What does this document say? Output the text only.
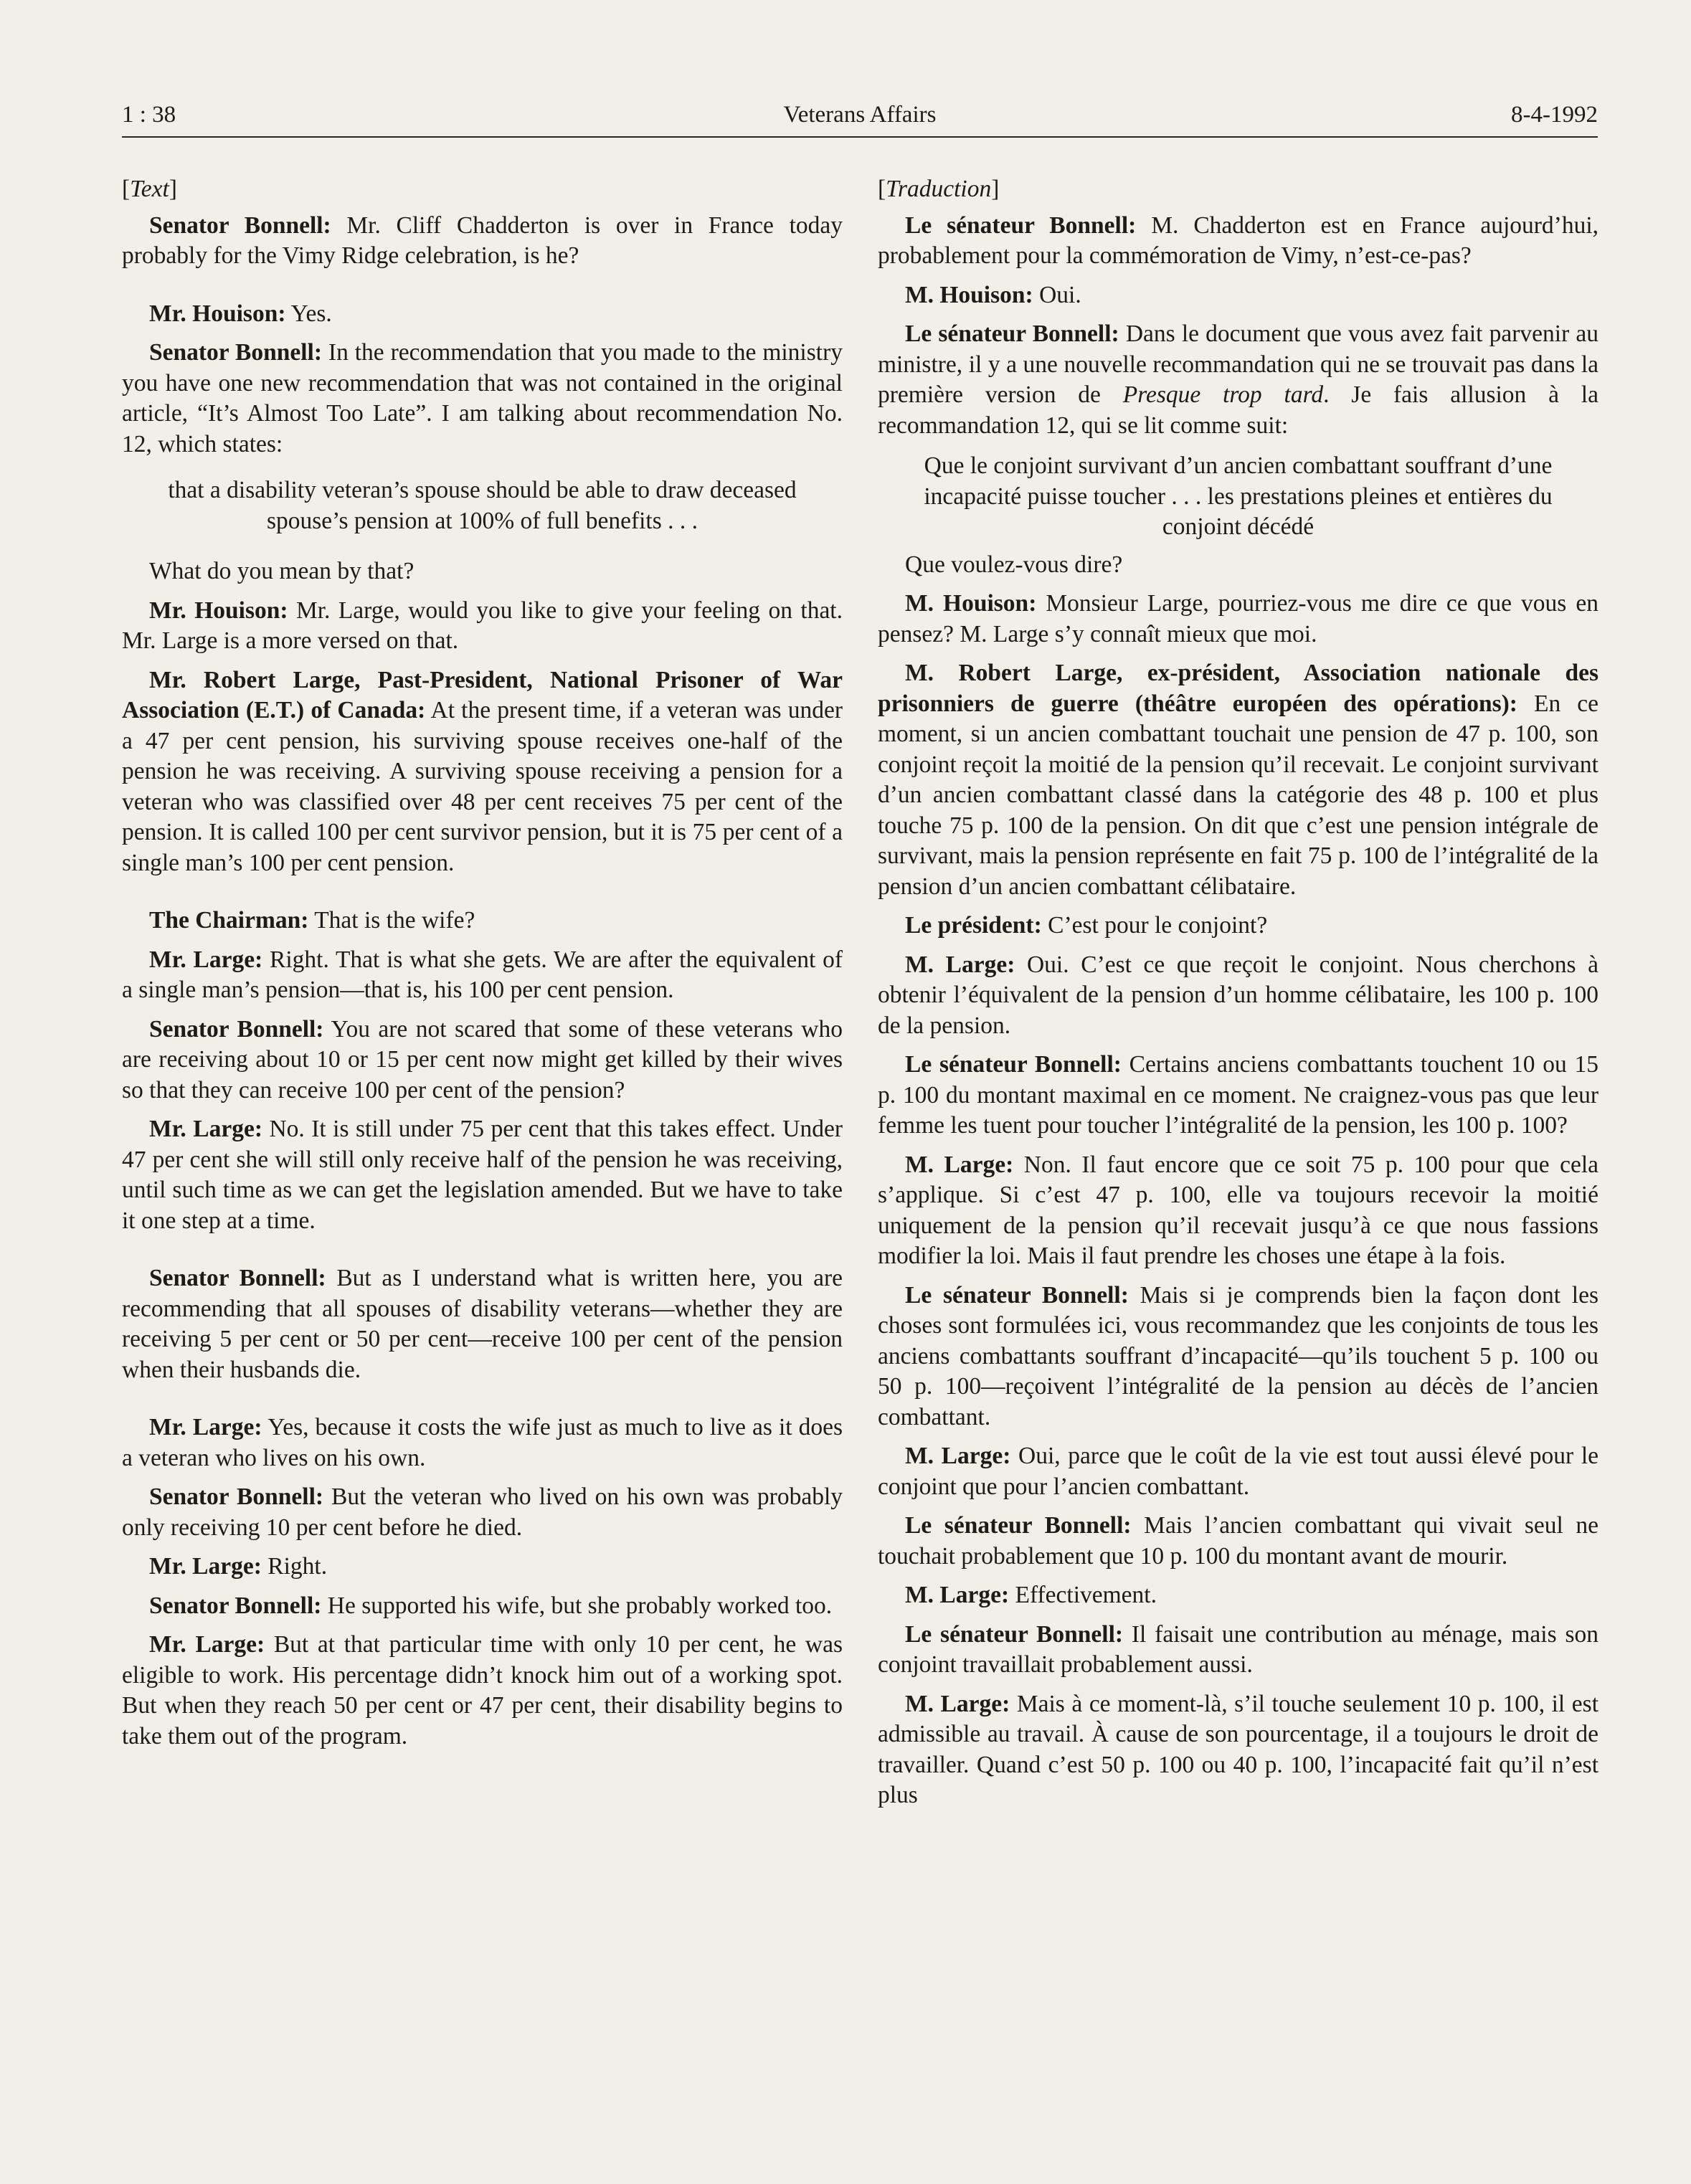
1 : 38	Veterans Affairs	8-4-1992

[Text]

Senator Bonnell: Mr. Cliff Chadderton is over in France today probably for the Vimy Ridge celebration, is he?

Mr. Houison: Yes.

Senator Bonnell: In the recommendation that you made to the ministry you have one new recommendation that was not contained in the original article, “It’s Almost Too Late”. I am talking about recommendation No. 12, which states:

that a disability veteran’s spouse should be able to draw deceased spouse’s pension at 100% of full benefits . . .

What do you mean by that?

Mr. Houison: Mr. Large, would you like to give your feeling on that. Mr. Large is a more versed on that.

Mr. Robert Large, Past-President, National Prisoner of War Association (E.T.) of Canada: At the present time, if a veteran was under a 47 per cent pension, his surviving spouse receives one-half of the pension he was receiving. A surviving spouse receiving a pension for a veteran who was classified over 48 per cent receives 75 per cent of the pension. It is called 100 per cent survivor pension, but it is 75 per cent of a single man’s 100 per cent pension.

The Chairman: That is the wife?

Mr. Large: Right. That is what she gets. We are after the equivalent of a single man’s pension—that is, his 100 per cent pension.

Senator Bonnell: You are not scared that some of these veterans who are receiving about 10 or 15 per cent now might get killed by their wives so that they can receive 100 per cent of the pension?

Mr. Large: No. It is still under 75 per cent that this takes effect. Under 47 per cent she will still only receive half of the pension he was receiving, until such time as we can get the legislation amended. But we have to take it one step at a time.

Senator Bonnell: But as I understand what is written here, you are recommending that all spouses of disability veterans—whether they are receiving 5 per cent or 50 per cent—receive 100 per cent of the pension when their husbands die.

Mr. Large: Yes, because it costs the wife just as much to live as it does a veteran who lives on his own.

Senator Bonnell: But the veteran who lived on his own was probably only receiving 10 per cent before he died.

Mr. Large: Right.

Senator Bonnell: He supported his wife, but she probably worked too.

Mr. Large: But at that particular time with only 10 per cent, he was eligible to work. His percentage didn’t knock him out of a working spot. But when they reach 50 per cent or 47 per cent, their disability begins to take them out of the program.

[Traduction]

Le sénateur Bonnell: M. Chadderton est en France aujourd’hui, probablement pour la commémoration de Vimy, n’est-ce-pas?

M. Houison: Oui.

Le sénateur Bonnell: Dans le document que vous avez fait parvenir au ministre, il y a une nouvelle recommandation qui ne se trouvait pas dans la première version de Presque trop tard. Je fais allusion à la recommandation 12, qui se lit comme suit:

Que le conjoint survivant d’un ancien combattant souffrant d’une incapacité puisse toucher . . . les prestations pleines et entières du conjoint décédé

Que voulez-vous dire?

M. Houison: Monsieur Large, pourriez-vous me dire ce que vous en pensez? M. Large s’y connaît mieux que moi.

M. Robert Large, ex-président, Association nationale des prisonniers de guerre (théâtre européen des opérations): En ce moment, si un ancien combattant touchait une pension de 47 p. 100, son conjoint reçoit la moitié de la pension qu’il recevait. Le conjoint survivant d’un ancien combattant classé dans la catégorie des 48 p. 100 et plus touche 75 p. 100 de la pension. On dit que c’est une pension intégrale de survivant, mais la pension représente en fait 75 p. 100 de l’intégralité de la pension d’un ancien combattant célibataire.

Le président: C’est pour le conjoint?

M. Large: Oui. C’est ce que reçoit le conjoint. Nous cherchons à obtenir l’équivalent de la pension d’un homme célibataire, les 100 p. 100 de la pension.

Le sénateur Bonnell: Certains anciens combattants touchent 10 ou 15 p. 100 du montant maximal en ce moment. Ne craignez-vous pas que leur femme les tuent pour toucher l’intégralité de la pension, les 100 p. 100?

M. Large: Non. Il faut encore que ce soit 75 p. 100 pour que cela s’applique. Si c’est 47 p. 100, elle va toujours recevoir la moitié uniquement de la pension qu’il recevait jusqu’à ce que nous fassions modifier la loi. Mais il faut prendre les choses une étape à la fois.

Le sénateur Bonnell: Mais si je comprends bien la façon dont les choses sont formulées ici, vous recommandez que les conjoints de tous les anciens combattants souffrant d’incapacité—qu’ils touchent 5 p. 100 ou 50 p. 100—reçoivent l’intégralité de la pension au décès de l’ancien combattant.

M. Large: Oui, parce que le coût de la vie est tout aussi élevé pour le conjoint que pour l’ancien combattant.

Le sénateur Bonnell: Mais l’ancien combattant qui vivait seul ne touchait probablement que 10 p. 100 du montant avant de mourir.

M. Large: Effectivement.

Le sénateur Bonnell: Il faisait une contribution au ménage, mais son conjoint travaillait probablement aussi.

M. Large: Mais à ce moment-là, s’il touche seulement 10 p. 100, il est admissible au travail. À cause de son pourcentage, il a toujours le droit de travailler. Quand c’est 50 p. 100 ou 40 p. 100, l’incapacité fait qu’il n’est plus
